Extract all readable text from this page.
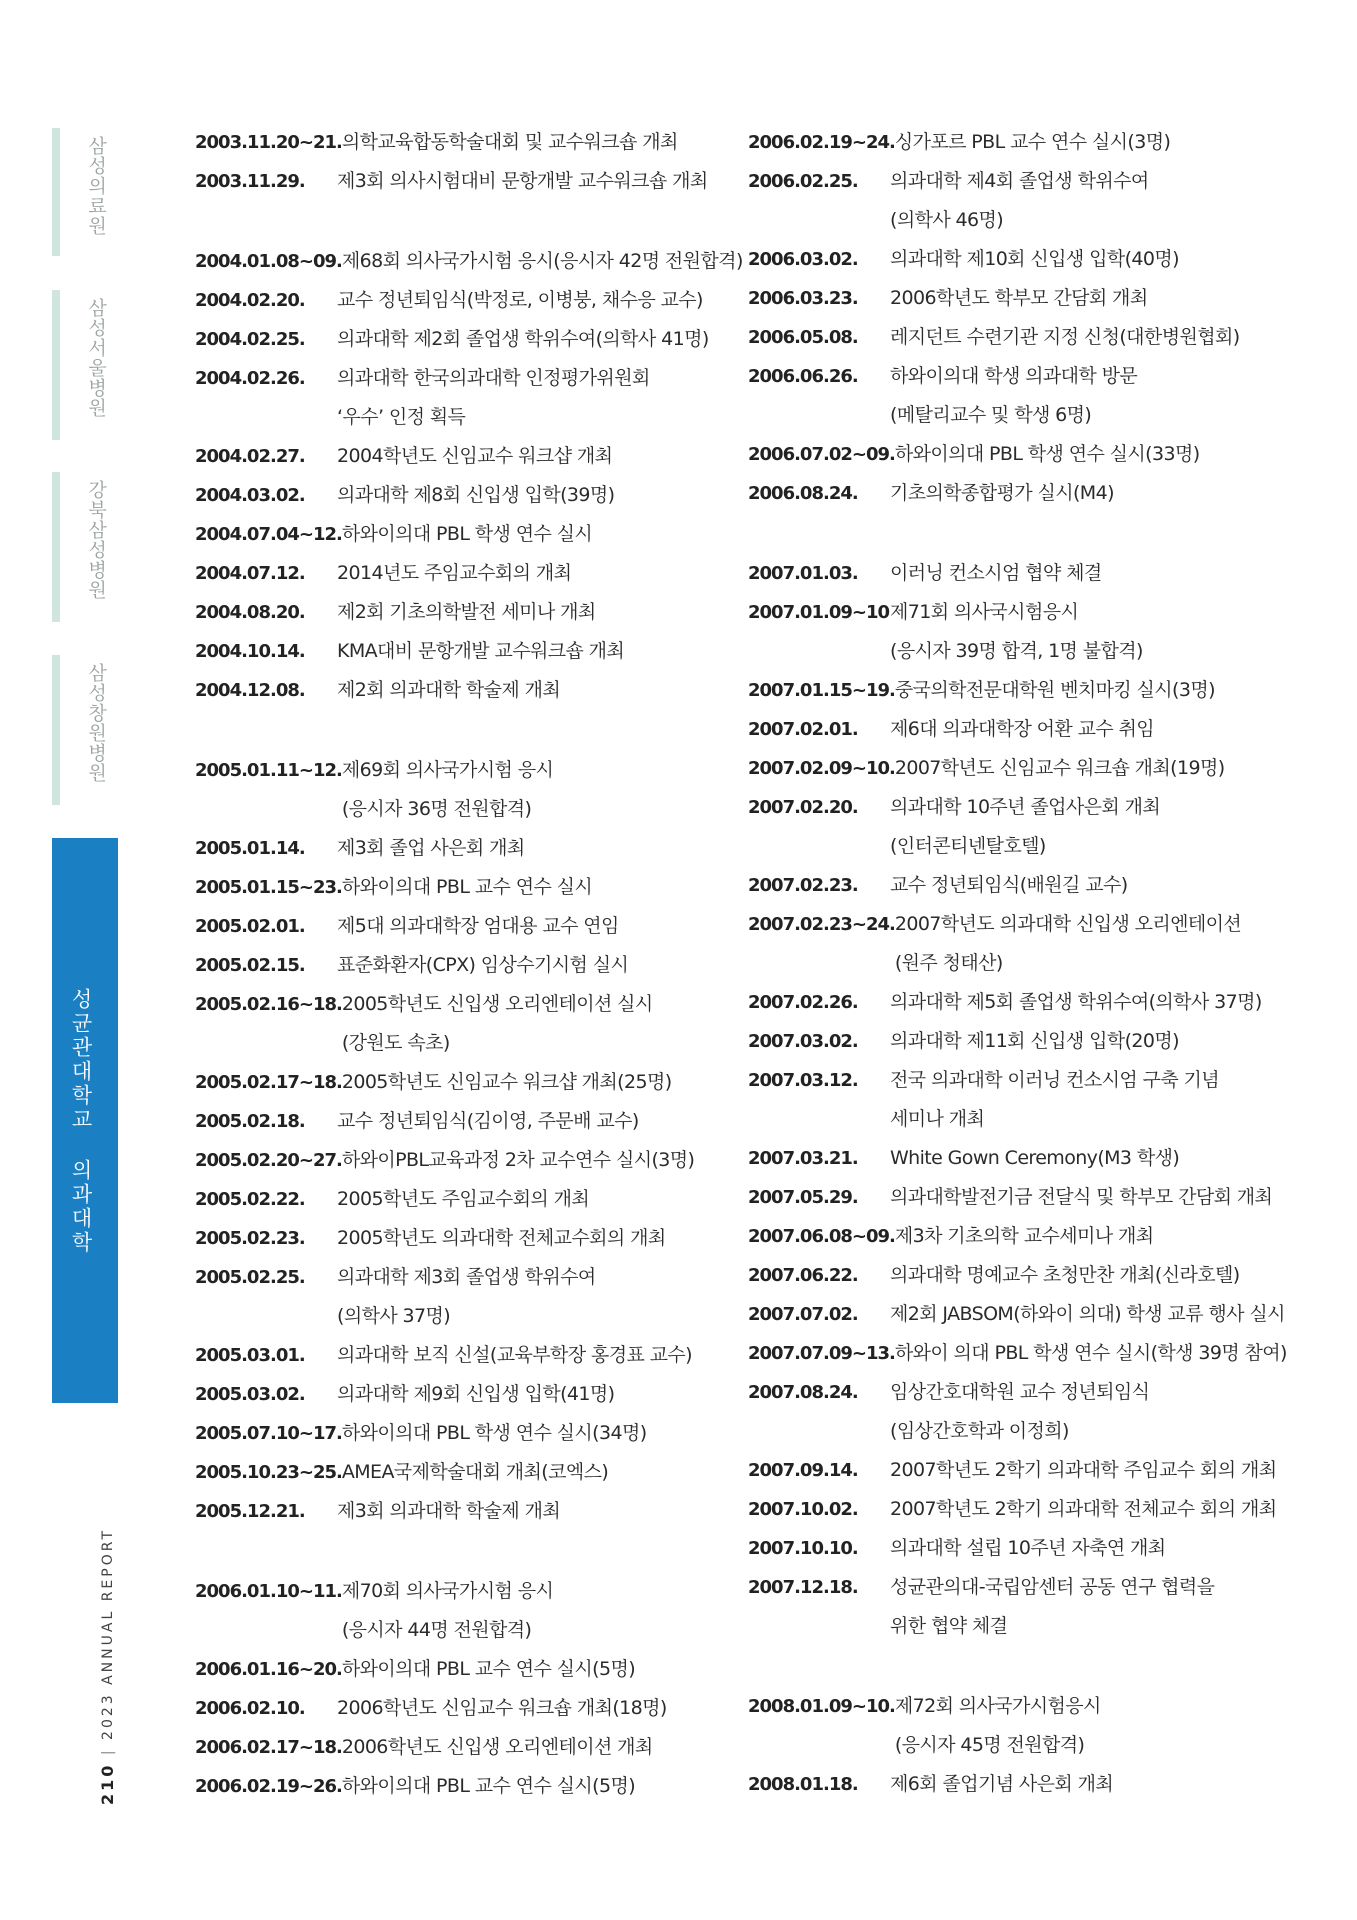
삼성의료원
삼성서울병원
강북삼성병원
삼성창원병원
성균관대학교 의과대학
210 | 2023 ANNUAL REPORT
2003.11.20~21. 의학교육합동학술대회 및 교수워크숍 개최
2003.11.29.	제3회 의사시험대비 문항개발 교수워크숍 개최
2004.01.08~09. 제68회 의사국가시험 응시(응시자 42명 전원합격)
2004.02.20.	교수 정년퇴임식(박정로, 이병붕, 채수응 교수)
2004.02.25.	의과대학 제2회 졸업생 학위수여(의학사 41명)
2004.02.26.	의과대학 한국의과대학 인정평가위원회
‘우수’ 인정 획득
2004.02.27.	2004학년도 신임교수 워크샵 개최
2004.03.02.	의과대학 제8회 신입생 입학(39명)
2004.07.04~12. 하와이의대 PBL 학생 연수 실시
2004.07.12.	2014년도 주임교수회의 개최
2004.08.20.	제2회 기초의학발전 세미나 개최
2004.10.14.	KMA대비 문항개발 교수워크숍 개최
2004.12.08.	제2회 의과대학 학술제 개최
2005.01.11~12. 제69회 의사국가시험 응시
(응시자 36명 전원합격)
2005.01.14.	제3회 졸업 사은회 개최
2005.01.15~23. 하와이의대 PBL 교수 연수 실시
2005.02.01.	제5대 의과대학장 엄대용 교수 연임
2005.02.15.	표준화환자(CPX) 임상수기시험 실시
2005.02.16~18. 2005학년도 신입생 오리엔테이션 실시
(강원도 속초)
2005.02.17~18. 2005학년도 신임교수 워크샵 개최(25명)
2005.02.18.	교수 정년퇴임식(김이영, 주문배 교수)
2005.02.20~27. 하와이PBL교육과정 2차 교수연수 실시(3명)
2005.02.22.	2005학년도 주임교수회의 개최
2005.02.23.	2005학년도 의과대학 전체교수회의 개최
2005.02.25.	의과대학 제3회 졸업생 학위수여
(의학사 37명)
2005.03.01.	의과대학 보직 신설(교육부학장 홍경표 교수)
2005.03.02.	의과대학 제9회 신입생 입학(41명)
2005.07.10~17. 하와이의대 PBL 학생 연수 실시(34명)
2005.10.23~25. AMEA국제학술대회 개최(코엑스)
2005.12.21.	제3회 의과대학 학술제 개최
2006.01.10~11. 제70회 의사국가시험 응시
(응시자 44명 전원합격)
2006.01.16~20. 하와이의대 PBL 교수 연수 실시(5명)
2006.02.10.	2006학년도 신임교수 워크숍 개최(18명)
2006.02.17~18. 2006학년도 신입생 오리엔테이션 개최
2006.02.19~26. 하와이의대 PBL 교수 연수 실시(5명)
2006.02.19~24. 싱가포르 PBL 교수 연수 실시(3명)
2006.02.25.	의과대학 제4회 졸업생 학위수여
(의학사 46명)
2006.03.02.	의과대학 제10회 신입생 입학(40명)
2006.03.23.	2006학년도 학부모 간담회 개최
2006.05.08.	레지던트 수련기관 지정 신청(대한병원협회)
2006.06.26.	하와이의대 학생 의과대학 방문
(메탈리교수 및 학생 6명)
2006.07.02~09. 하와이의대 PBL 학생 연수 실시(33명)
2006.08.24.	기초의학종합평가 실시(M4)
2007.01.03.	이러닝 컨소시엄 협약 체결
2007.01.09~10 제71회 의사국시험응시
(응시자 39명 합격, 1명 불합격)
2007.01.15~19. 중국의학전문대학원 벤치마킹 실시(3명)
2007.02.01.	제6대 의과대학장 어환 교수 취임
2007.02.09~10. 2007학년도 신임교수 워크숍 개최(19명)
2007.02.20.	의과대학 10주년 졸업사은회 개최
(인터콘티넨탈호텔)
2007.02.23.	교수 정년퇴임식(배원길 교수)
2007.02.23~24. 2007학년도 의과대학 신입생 오리엔테이션
(원주 청태산)
2007.02.26.	의과대학 제5회 졸업생 학위수여(의학사 37명)
2007.03.02.	의과대학 제11회 신입생 입학(20명)
2007.03.12.	전국 의과대학 이러닝 컨소시엄 구축 기념
세미나 개최
2007.03.21.	White Gown Ceremony(M3 학생)
2007.05.29.	의과대학발전기금 전달식 및 학부모 간담회 개최
2007.06.08~09. 제3차 기초의학 교수세미나 개최
2007.06.22.	의과대학 명예교수 초청만찬 개최(신라호텔)
2007.07.02.	제2회 JABSOM(하와이 의대) 학생 교류 행사 실시
2007.07.09~13. 하와이 의대 PBL 학생 연수 실시(학생 39명 참여)
2007.08.24.	임상간호대학원 교수 정년퇴임식
(임상간호학과 이정희)
2007.09.14.	2007학년도 2학기 의과대학 주임교수 회의 개최
2007.10.02.	2007학년도 2학기 의과대학 전체교수 회의 개최
2007.10.10.	의과대학 설립 10주년 자축연 개최
2007.12.18.	성균관의대-국립암센터 공동 연구 협력을
위한 협약 체결
2008.01.09~10. 제72회 의사국가시험응시
(응시자 45명 전원합격)
2008.01.18.	제6회 졸업기념 사은회 개최
